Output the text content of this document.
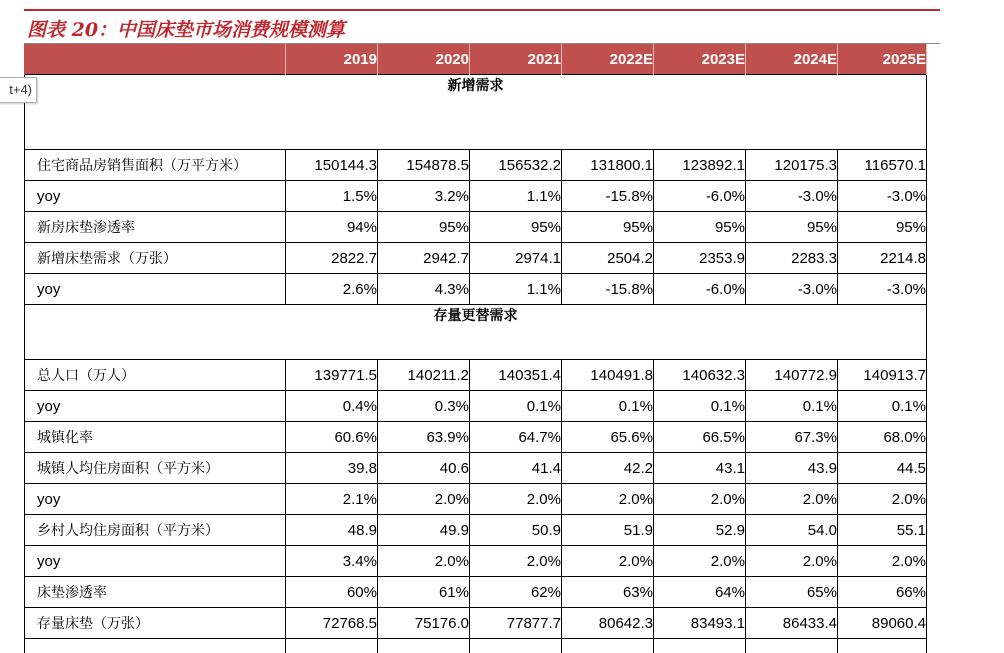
图表 20：中国床垫市场消费规模测算
t+4)
	2019	2020	2021	2022E	2023E	2024E	2025E
新增需求							
住宅商品房销售面积（万平方米）	150144.3	154878.5	156532.2	131800.1	123892.1	120175.3	116570.1
yoy	1.5%	3.2%	1.1%	-15.8%	-6.0%	-3.0%	-3.0%
新房床垫渗透率	94%	95%	95%	95%	95%	95%	95%
新增床垫需求（万张）	2822.7	2942.7	2974.1	2504.2	2353.9	2283.3	2214.8
yoy	2.6%	4.3%	1.1%	-15.8%	-6.0%	-3.0%	-3.0%
存量更替需求							
总人口（万人）	139771.5	140211.2	140351.4	140491.8	140632.3	140772.9	140913.7
yoy	0.4%	0.3%	0.1%	0.1%	0.1%	0.1%	0.1%
城镇化率	60.6%	63.9%	64.7%	65.6%	66.5%	67.3%	68.0%
城镇人均住房面积（平方米）	39.8	40.6	41.4	42.2	43.1	43.9	44.5
yoy	2.1%	2.0%	2.0%	2.0%	2.0%	2.0%	2.0%
乡村人均住房面积（平方米）	48.9	49.9	50.9	51.9	52.9	54.0	55.1
yoy	3.4%	2.0%	2.0%	2.0%	2.0%	2.0%	2.0%
床垫渗透率	60%	61%	62%	63%	64%	65%	66%
存量床垫（万张）	72768.5	75176.0	77877.7	80642.3	83493.1	86433.4	89060.4
